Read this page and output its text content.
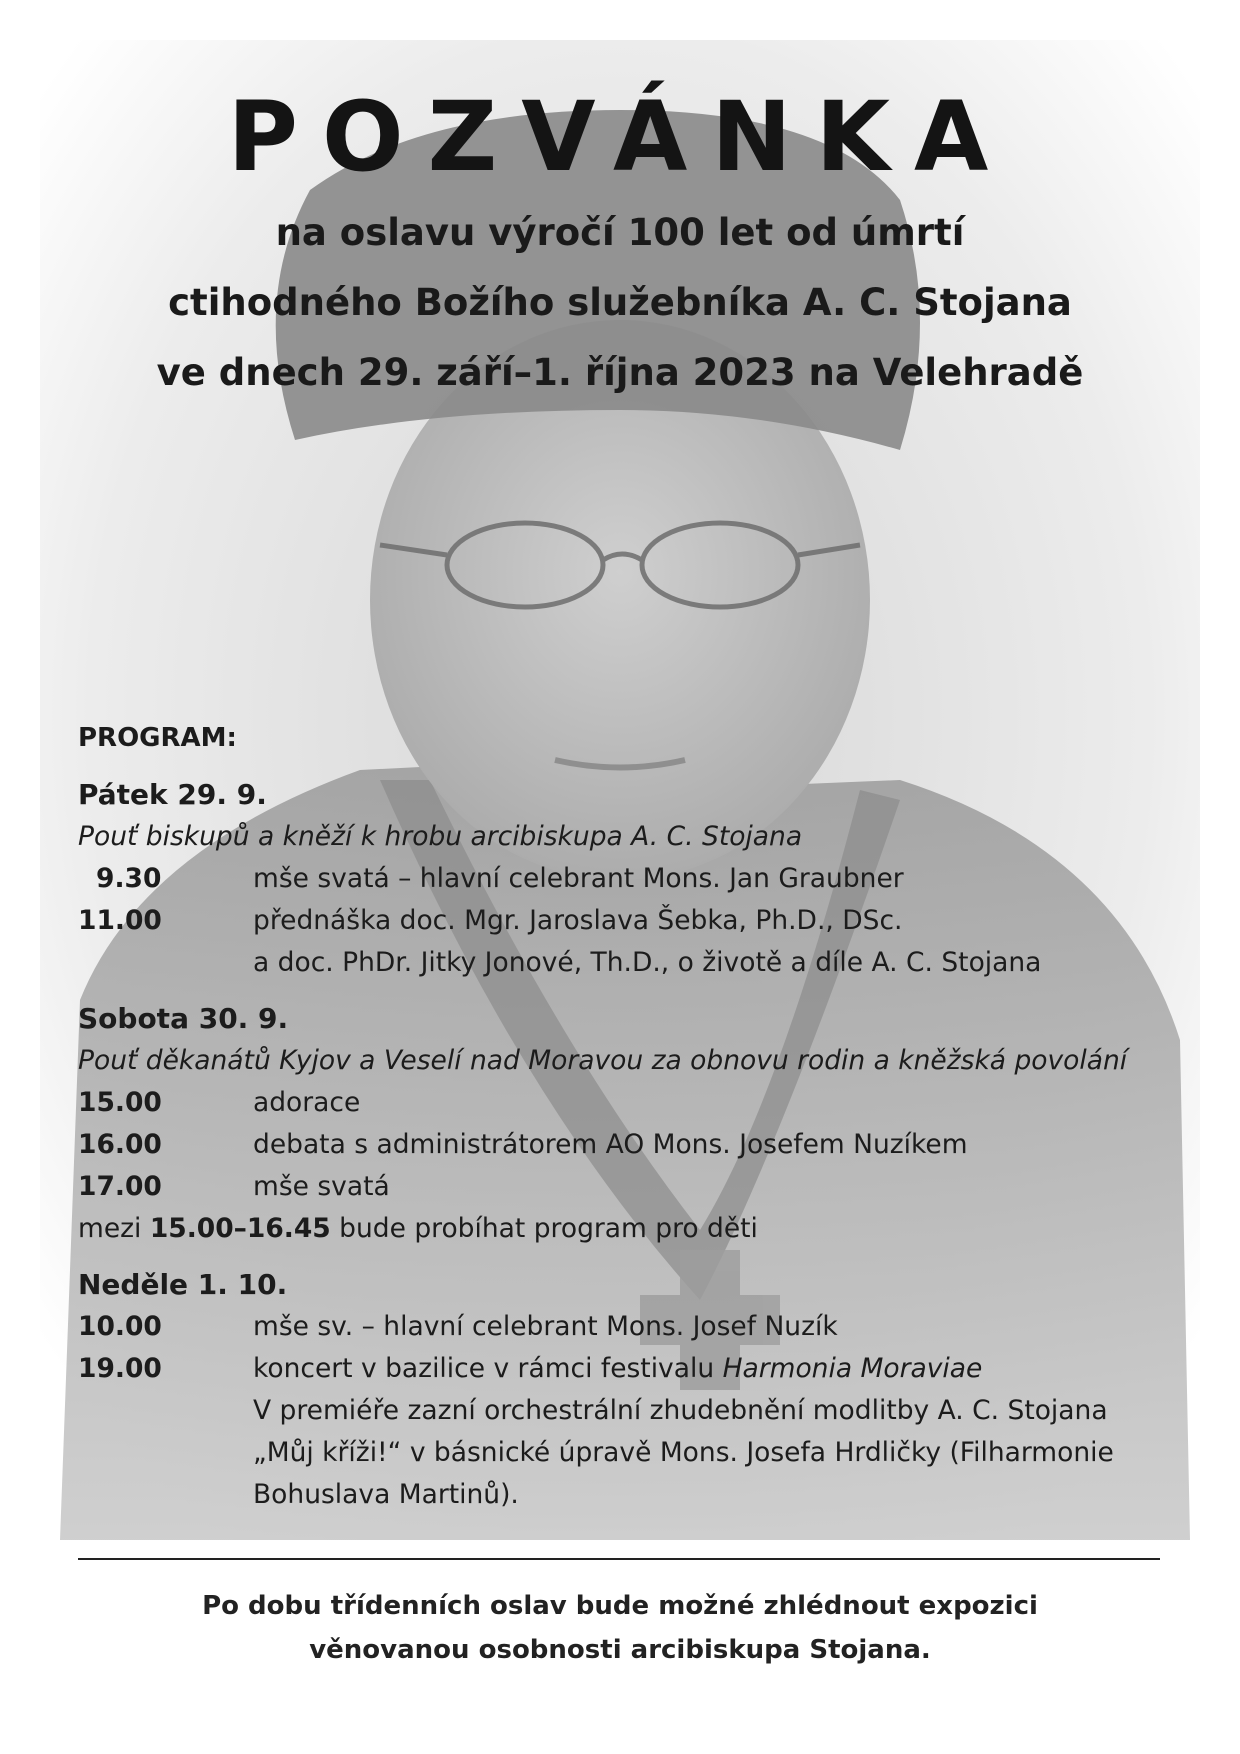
POZVÁNKA
na oslavu výročí 100 let od úmrtí
ctihodného Božího služebníka A. C. Stojana
ve dnech 29. září–1. října 2023 na Velehradě
PROGRAM:
Pátek 29. 9.
Pouť biskupů a kněží k hrobu arcibiskupa A. C. Stojana
9.30	mše svatá – hlavní celebrant Mons. Jan Graubner
11.00	přednáška doc. Mgr. Jaroslava Šebka, Ph.D., DSc.
a doc. PhDr. Jitky Jonové, Th.D., o životě a díle A. C. Stojana
Sobota 30. 9.
Pouť děkanátů Kyjov a Veselí nad Moravou za obnovu rodin a kněžská povolání
15.00	adorace
16.00	debata s administrátorem AO Mons. Josefem Nuzíkem
17.00	mše svatá
mezi 15.00–16.45 bude probíhat program pro děti
Neděle 1. 10.
10.00	mše sv. – hlavní celebrant Mons. Josef Nuzík
19.00	koncert v bazilice v rámci festivalu Harmonia Moraviae
V premiéře zazní orchestrální zhudebnění modlitby A. C. Stojana
„Můj kříži!“ v básnické úpravě Mons. Josefa Hrdličky (Filharmonie
Bohuslava Martinů).
Po dobu třídenních oslav bude možné zhlédnout expozici
věnovanou osobnosti arcibiskupa Stojana.
